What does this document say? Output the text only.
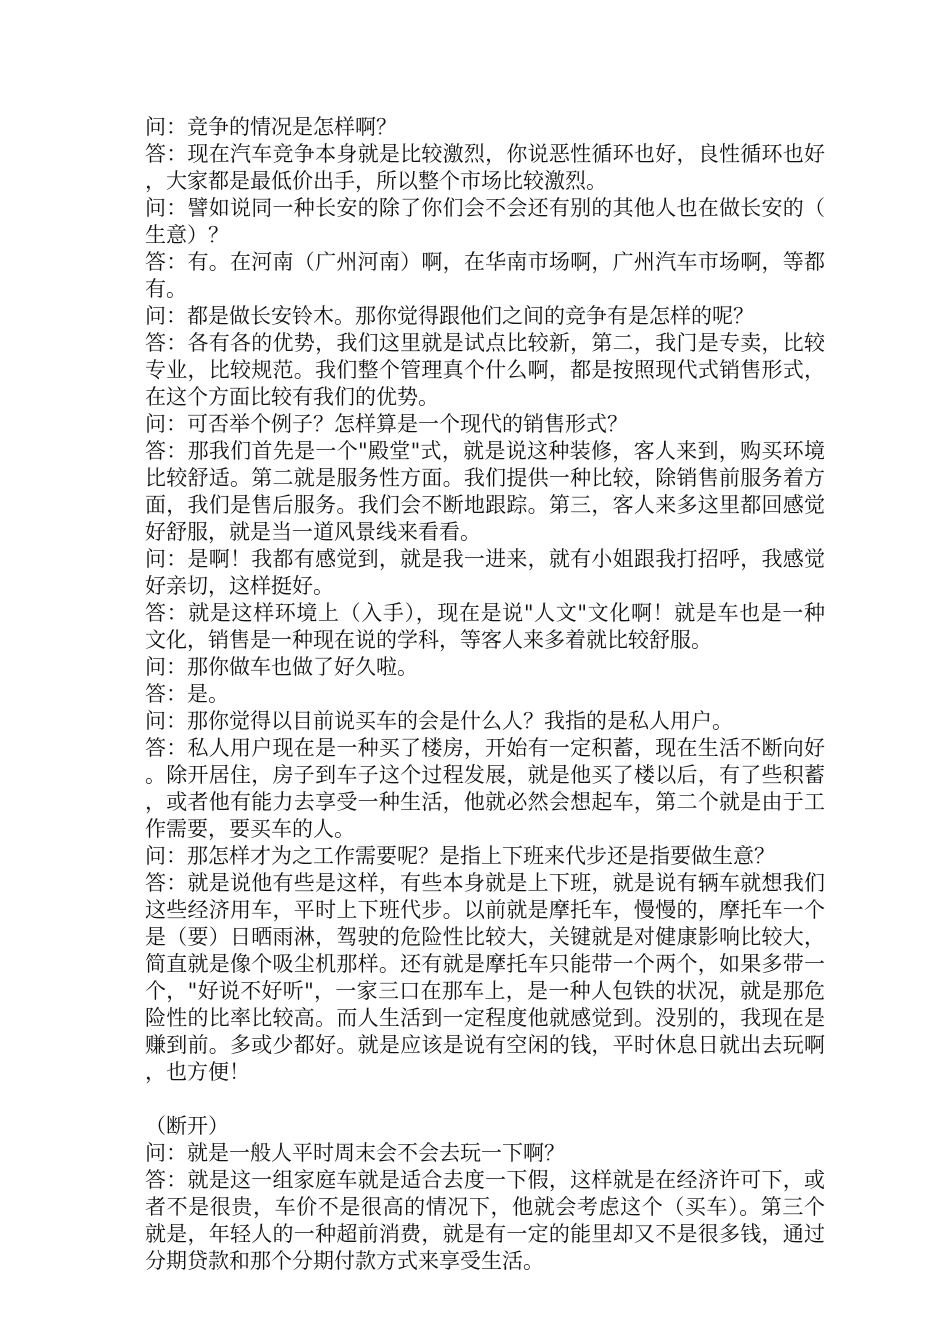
问：竞争的情况是怎样啊？

答：现在汽车竞争本身就是比较激烈，你说恶性循环也好，良性循环也好，大家都是最低价出手，所以整个市场比较激烈。

问：譬如说同一种长安的除了你们会不会还有别的其他人也在做长安的（生意）？

答：有。在河南（广州河南）啊，在华南市场啊，广州汽车市场啊，等都有。

问：都是做长安铃木。那你觉得跟他们之间的竞争有是怎样的呢？

答：各有各的优势，我们这里就是试点比较新，第二，我门是专卖，比较专业，比较规范。我们整个管理真个什么啊，都是按照现代式销售形式，在这个方面比较有我们的优势。

问：可否举个例子？怎样算是一个现代的销售形式？

答：那我们首先是一个"殿堂"式，就是说这种装修，客人来到，购买环境比较舒适。第二就是服务性方面。我们提供一种比较，除销售前服务着方面，我们是售后服务。我们会不断地跟踪。第三，客人来多这里都回感觉好舒服，就是当一道风景线来看看。

问：是啊！我都有感觉到，就是我一进来，就有小姐跟我打招呼，我感觉好亲切，这样挺好。

答：就是这样环境上（入手），现在是说"人文"文化啊！就是车也是一种文化，销售是一种现在说的学科，等客人来多着就比较舒服。

问：那你做车也做了好久啦。

答：是。

问：那你觉得以目前说买车的会是什么人？我指的是私人用户。

答：私人用户现在是一种买了楼房，开始有一定积蓄，现在生活不断向好。除开居住，房子到车子这个过程发展，就是他买了楼以后，有了些积蓄，或者他有能力去享受一种生活，他就必然会想起车，第二个就是由于工作需要，要买车的人。

问：那怎样才为之工作需要呢？是指上下班来代步还是指要做生意？

答：就是说他有些是这样，有些本身就是上下班，就是说有辆车就想我们这些经济用车，平时上下班代步。以前就是摩托车，慢慢的，摩托车一个是（要）日晒雨淋，驾驶的危险性比较大，关键就是对健康影响比较大，简直就是像个吸尘机那样。还有就是摩托车只能带一个两个，如果多带一个，"好说不好听"，一家三口在那车上，是一种人包铁的状况，就是那危险性的比率比较高。而人生活到一定程度他就感觉到。没别的，我现在是赚到前。多或少都好。就是应该是说有空闲的钱，平时休息日就出去玩啊，也方便！

（断开）

问：就是一般人平时周末会不会去玩一下啊？

答：就是这一组家庭车就是适合去度一下假，这样就是在经济许可下，或者不是很贵，车价不是很高的情况下，他就会考虑这个（买车）。第三个就是，年轻人的一种超前消费，就是有一定的能里却又不是很多钱，通过分期贷款和那个分期付款方式来享受生活。
